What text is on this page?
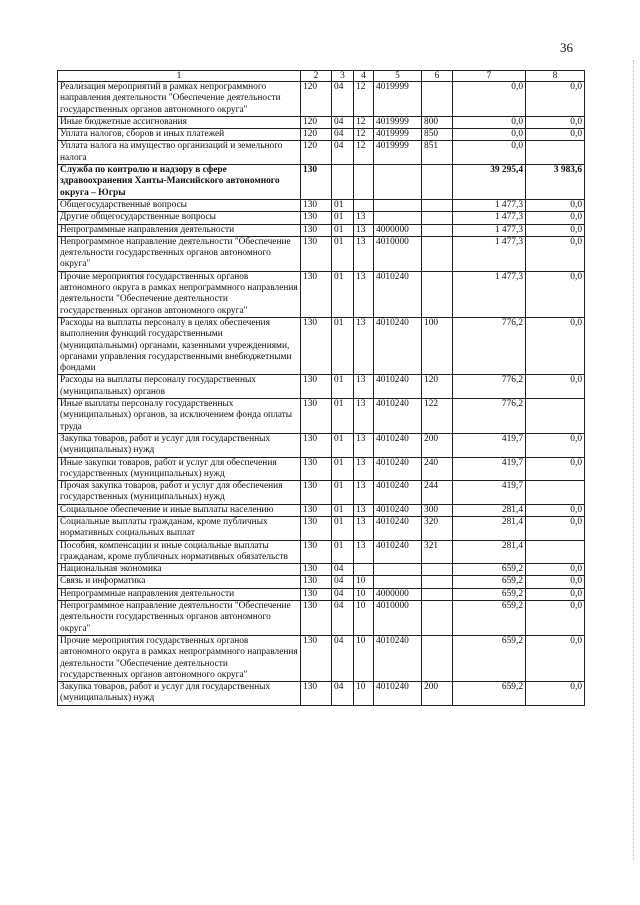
36
1	2	3	4	5	6	7	8
Реализация мероприятий в рамках непрограммного направления деятельности "Обеспечение деятельности государственных органов автономного округа"	120	04	12	4019999		0,0	0,0
Иные бюджетные ассигнования	120	04	12	4019999	800	0,0	0,0
Уплата налогов, сборов и иных платежей	120	04	12	4019999	850	0,0	0,0
Уплата налога на имущество организаций и земельного налога	120	04	12	4019999	851	0,0	
Служба по контролю и надзору в сфере здравоохранения Ханты-Мансийского автономного округа – Югры	130					39 295,4	3 983,6
Общегосударственные вопросы	130	01				1 477,3	0,0
Другие общегосударственные вопросы	130	01	13			1 477,3	0,0
Непрограммные направления деятельности	130	01	13	4000000		1 477,3	0,0
Непрограммное направление деятельности "Обеспечение деятельности государственных органов автономного округа"	130	01	13	4010000		1 477,3	0,0
Прочие мероприятия государственных органов автономного округа в рамках непрограммного направления деятельности "Обеспечение деятельности государственных органов автономного округа"	130	01	13	4010240		1 477,3	0,0
Расходы на выплаты персоналу в целях обеспечения выполнения функций государственными (муниципальными) органами, казенными учреждениями, органами управления государственными внебюджетными фондами	130	01	13	4010240	100	776,2	0,0
Расходы на выплаты персоналу государственных (муниципальных) органов	130	01	13	4010240	120	776,2	0,0
Иные выплаты персоналу государственных (муниципальных) органов, за исключением фонда оплаты труда	130	01	13	4010240	122	776,2	
Закупка товаров, работ и услуг для государственных (муниципальных) нужд	130	01	13	4010240	200	419,7	0,0
Иные закупки товаров, работ и услуг для обеспечения государственных (муниципальных) нужд	130	01	13	4010240	240	419,7	0,0
Прочая закупка товаров, работ и услуг для обеспечения государственных (муниципальных) нужд	130	01	13	4010240	244	419,7	
Социальное обеспечение и иные выплаты населению	130	01	13	4010240	300	281,4	0,0
Социальные выплаты гражданам, кроме публичных нормативных социальных выплат	130	01	13	4010240	320	281,4	0,0
Пособия, компенсации и иные социальные выплаты гражданам, кроме публичных нормативных обязательств	130	01	13	4010240	321	281,4	
Национальная экономика	130	04				659,2	0,0
Связь и информатика	130	04	10			659,2	0,0
Непрограммные направления деятельности	130	04	10	4000000		659,2	0,0
Непрограммное направление деятельности "Обеспечение деятельности государственных органов автономного округа"	130	04	10	4010000		659,2	0,0
Прочие мероприятия государственных органов автономного округа в рамках непрограммного направления деятельности "Обеспечение деятельности государственных органов автономного округа"	130	04	10	4010240		659,2	0,0
Закупка товаров, работ и услуг для государственных (муниципальных) нужд	130	04	10	4010240	200	659,2	0,0
